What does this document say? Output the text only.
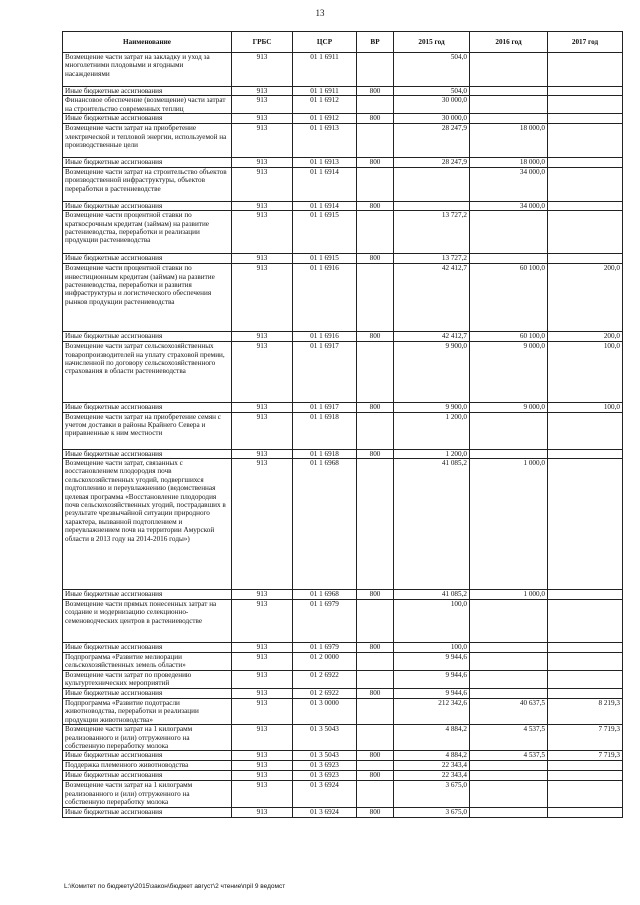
13
Наименование	ГРБС	ЦСР	ВР	2015 год	2016 год	2017 год
Возмещение части затрат на закладку и уход за многолетними плодовыми и ягодными насаждениями	913	01 1 6911		504,0		
Иные бюджетные ассигнования	913	01 1 6911	800	504,0		
Финансовое обеспечение (возмещение) части затрат на строительство современных теплиц	913	01 1 6912		30 000,0		
Иные бюджетные ассигнования	913	01 1 6912	800	30 000,0		
Возмещение части затрат на приобретение электрической и тепловой энергии, используемой на производственные цели	913	01 1 6913		28 247,9	18 000,0	
Иные бюджетные ассигнования	913	01 1 6913	800	28 247,9	18 000,0	
Возмещение части затрат на строительство объектов производственной инфраструктуры, объектов переработки в растениеводстве	913	01 1 6914			34 000,0	
Иные бюджетные ассигнования	913	01 1 6914	800		34 000,0	
Возмещение части процентной ставки по краткосрочным кредитам (займам) на развитие растениеводства, переработки и реализации продукции растениеводства	913	01 1 6915		13 727,2		
Иные бюджетные ассигнования	913	01 1 6915	800	13 727,2		
Возмещение части процентной ставки по инвестиционным кредитам (займам) на развитие растениеводства, переработки и развития инфраструктуры и логистического обеспечения рынков продукции растениеводства	913	01 1 6916		42 412,7	60 100,0	200,0
Иные бюджетные ассигнования	913	01 1 6916	800	42 412,7	60 100,0	200,0
Возмещение части затрат сельскохозяйственных товаропроизводителей на уплату страховой премии, начисленной по договору сельскохозяйственного страхования в области растениеводства	913	01 1 6917		9 900,0	9 000,0	100,0
Иные бюджетные ассигнования	913	01 1 6917	800	9 900,0	9 000,0	100,0
Возмещение части затрат на приобретение семян с учетом доставки в районы Крайнего Севера и приравненные к ним местности	913	01 1 6918		1 200,0		
Иные бюджетные ассигнования	913	01 1 6918	800	1 200,0		
Возмещение части затрат, связанных с восстановлением плодородия почв сельскохозяйственных угодий, подвергшихся подтоплению и переувлажнению (ведомственная целевая программа «Восстановление плодородия почв сельскохозяйственных угодий, пострадавших в результате чрезвычайной ситуации природного характера, вызванной подтоплением и переувлажнением почв на территории Амурской области в 2013 году на 2014-2016 годы»)	913	01 1 6968		41 085,2	1 000,0	
Иные бюджетные ассигнования	913	01 1 6968	800	41 085,2	1 000,0	
Возмещение части прямых понесенных затрат на создание и модернизацию селекционно-семеноводческих центров в растениеводстве	913	01 1 6979		100,0		
Иные бюджетные ассигнования	913	01 1 6979	800	100,0		
Подпрограмма «Развитие мелиорации сельскохозяйственных земель области»	913	01 2 0000		9 944,6		
Возмещение части затрат по проведению культуртехнических мероприятий	913	01 2 6922		9 944,6		
Иные бюджетные ассигнования	913	01 2 6922	800	9 944,6		
Подпрограмма «Развитие подотрасли животноводства, переработки и реализации продукции животноводства»	913	01 3 0000		212 342,6	40 637,5	8 219,3
Возмещение части затрат на 1 килограмм реализованного и (или) отгруженного на собственную переработку молока	913	01 3 5043		4 884,2	4 537,5	7 719,3
Иные бюджетные ассигнования	913	01 3 5043	800	4 884,2	4 537,5	7 719,3
Поддержка племенного животноводства	913	01 3 6923		22 343,4		
Иные бюджетные ассигнования	913	01 3 6923	800	22 343,4		
Возмещение части затрат на 1 килограмм реализованного и (или) отгруженного на собственную переработку молока	913	01 3 6924		3 675,0		
Иные бюджетные ассигнования	913	01 3 6924	800	3 675,0		
L:\Комитет по бюджету\2015\закон\бюджет август\2 чтение\прil 9 ведомст
